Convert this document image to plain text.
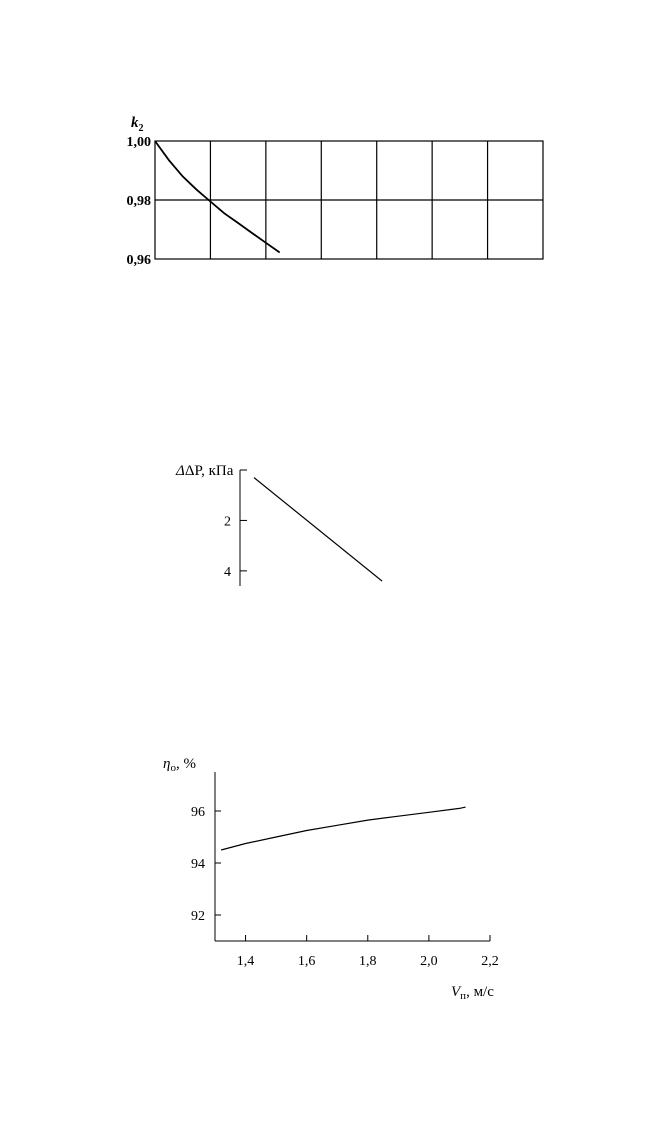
$k_2$
1,00
0,98
0,96
ΔΔP, кПа
2
4
$\eta_о$, %
$V_п$, м/с
1,4	1,6	1,8	2,0	2,2
96
94
92
